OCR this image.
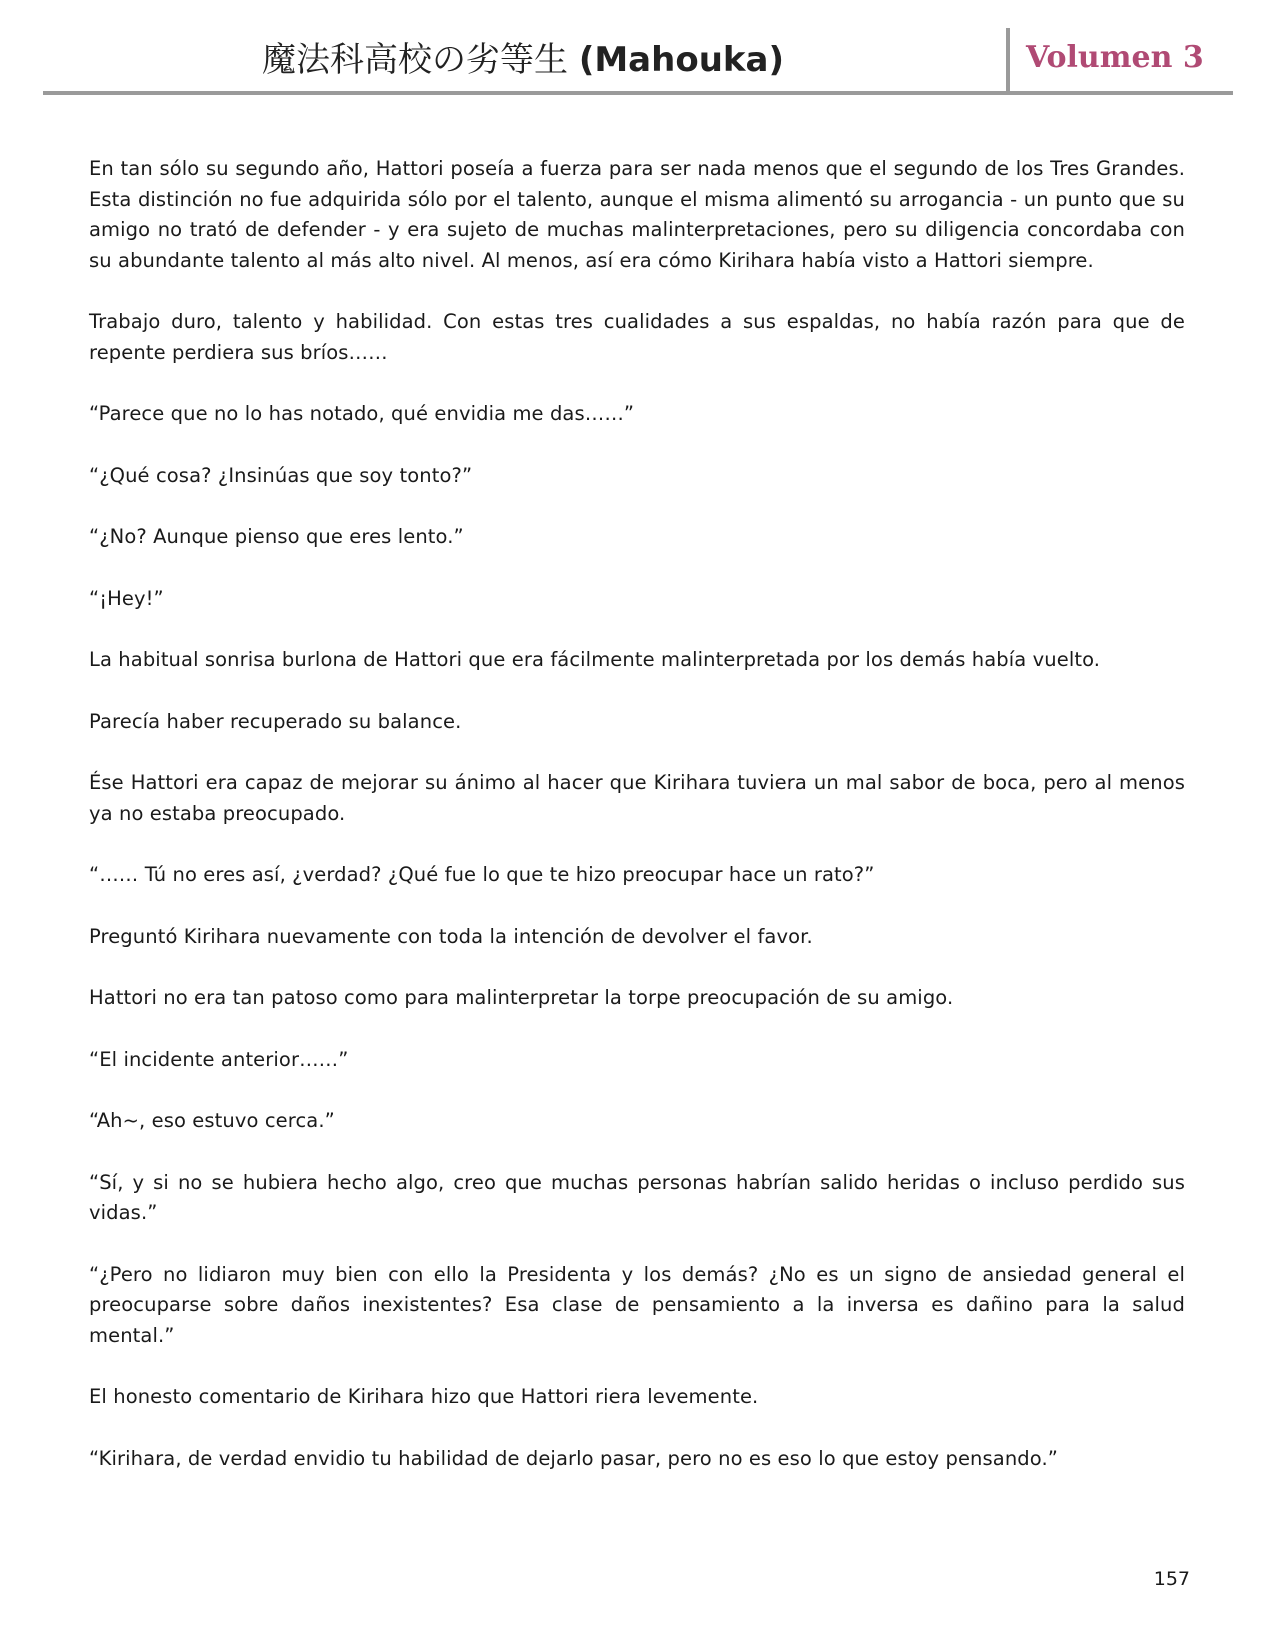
魔法科高校の劣等生 (Mahouka)	Volumen 3

En tan sólo su segundo año, Hattori poseía a fuerza para ser nada menos que el segundo de los Tres Grandes. Esta distinción no fue adquirida sólo por el talento, aunque el misma alimentó su arrogancia - un punto que su amigo no trató de defender - y era sujeto de muchas malinterpretaciones, pero su diligencia concordaba con su abundante talento al más alto nivel. Al menos, así era cómo Kirihara había visto a Hattori siempre.

Trabajo duro, talento y habilidad. Con estas tres cualidades a sus espaldas, no había razón para que de repente perdiera sus bríos……

“Parece que no lo has notado, qué envidia me das……”

“¿Qué cosa? ¿Insinúas que soy tonto?”

“¿No? Aunque pienso que eres lento.”

“¡Hey!”

La habitual sonrisa burlona de Hattori que era fácilmente malinterpretada por los demás había vuelto.

Parecía haber recuperado su balance.

Ése Hattori era capaz de mejorar su ánimo al hacer que Kirihara tuviera un mal sabor de boca, pero al menos ya no estaba preocupado.

“…… Tú no eres así, ¿verdad? ¿Qué fue lo que te hizo preocupar hace un rato?”

Preguntó Kirihara nuevamente con toda la intención de devolver el favor.

Hattori no era tan patoso como para malinterpretar la torpe preocupación de su amigo.

“El incidente anterior……”

“Ah~, eso estuvo cerca.”

“Sí, y si no se hubiera hecho algo, creo que muchas personas habrían salido heridas o incluso perdido sus vidas.”

“¿Pero no lidiaron muy bien con ello la Presidenta y los demás? ¿No es un signo de ansiedad general el preocuparse sobre daños inexistentes? Esa clase de pensamiento a la inversa es dañino para la salud mental.”

El honesto comentario de Kirihara hizo que Hattori riera levemente.

“Kirihara, de verdad envidio tu habilidad de dejarlo pasar, pero no es eso lo que estoy pensando.”

157
